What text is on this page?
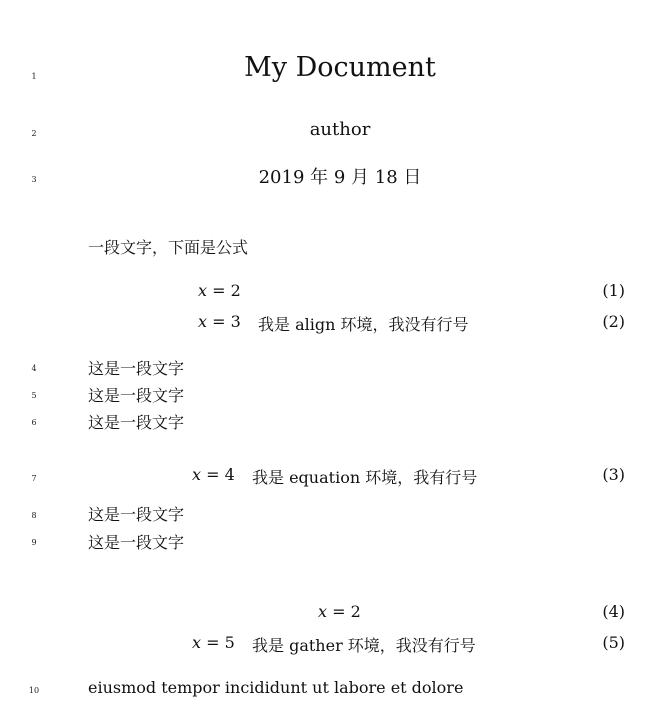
1
2
3
4
5
6
7
8
9
10
My Document
author
2019 年 9 月 18 日
一段文字，下面是公式
x = 2	(1)
x = 3 我是 align 环境，我没有行号	(2)
这是一段文字
这是一段文字
这是一段文字
x = 4 我是 equation 环境，我有行号	(3)
这是一段文字
这是一段文字
x = 2	(4)
x = 5 我是 gather 环境，我没有行号	(5)
eiusmod tempor incididunt ut labore et dolore
